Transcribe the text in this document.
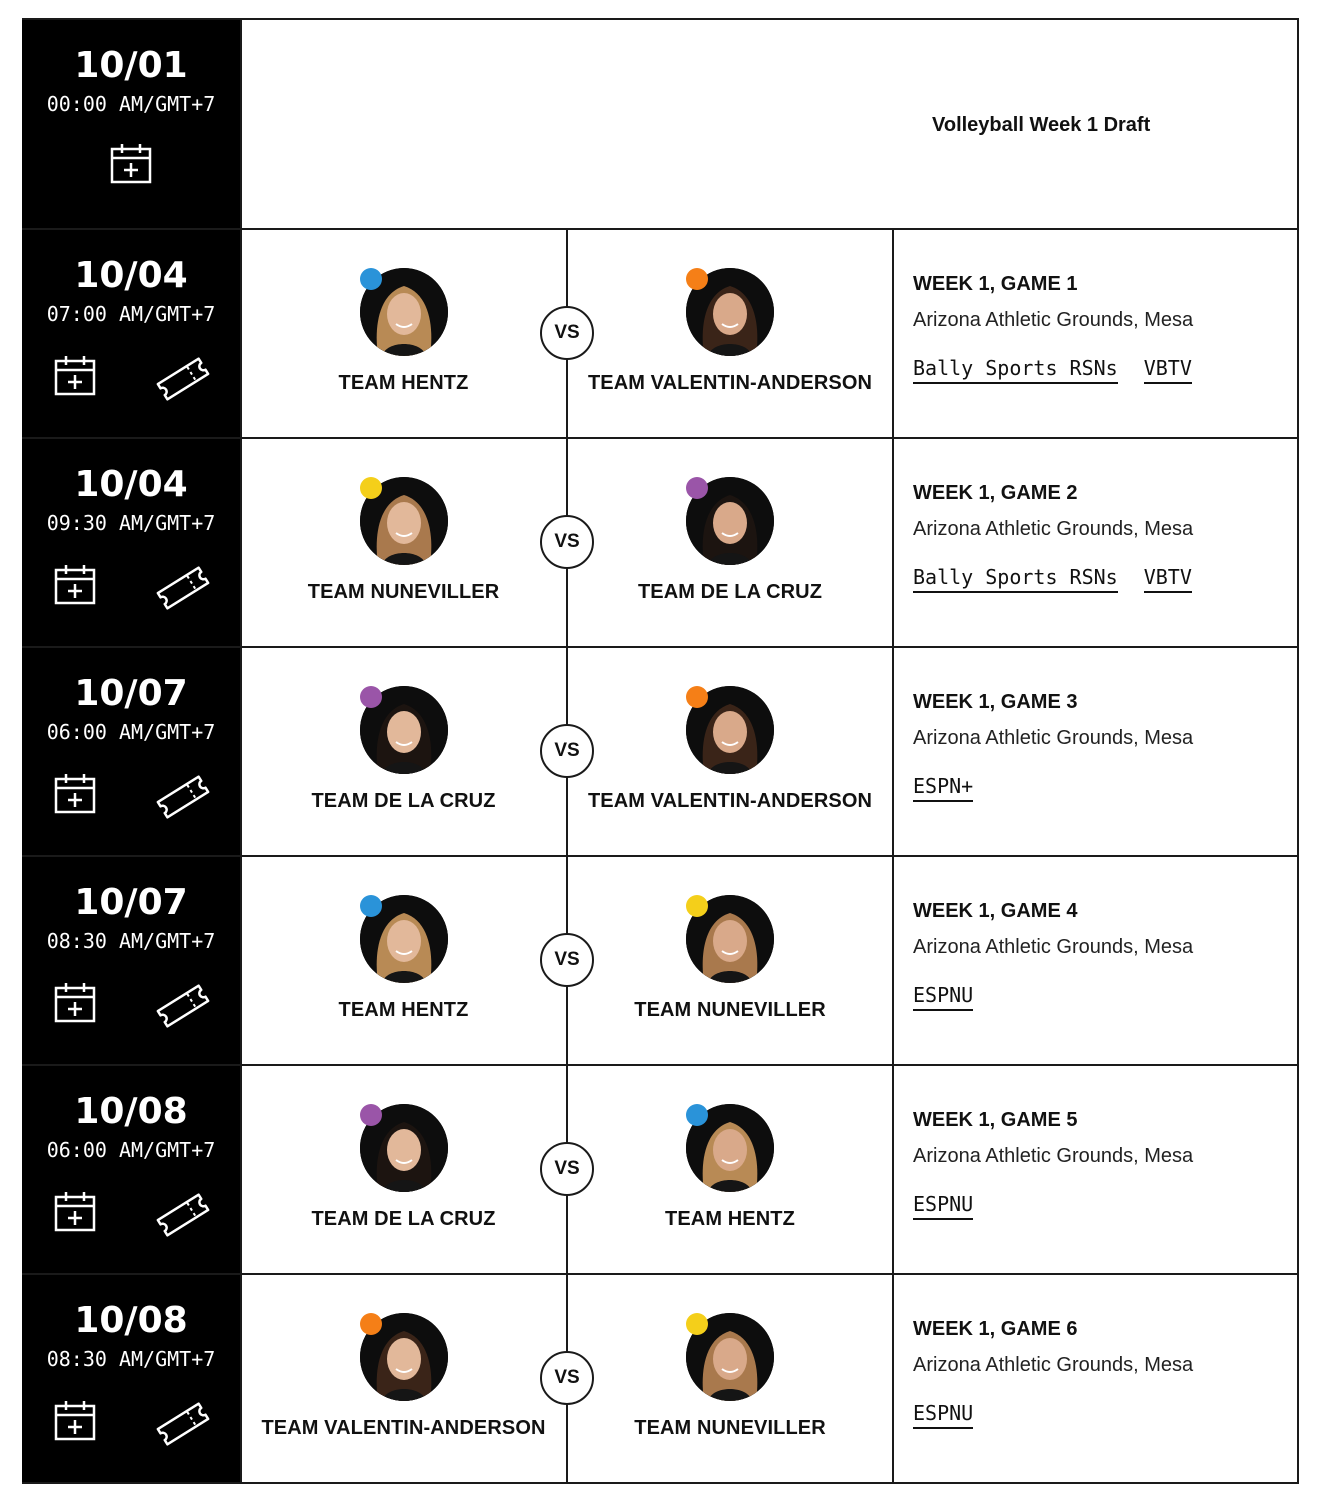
10/01
00:00 AM/GMT+7
Volleyball Week 1 Draft
10/04
07:00 AM/GMT+7
VS
TEAM HENTZ	TEAM VALENTIN-ANDERSON
WEEK 1, GAME 1
Arizona Athletic Grounds, Mesa
Bally Sports RSNs VBTV
10/04
09:30 AM/GMT+7
VS
TEAM NUNEVILLER	TEAM DE LA CRUZ
WEEK 1, GAME 2
Arizona Athletic Grounds, Mesa
Bally Sports RSNs VBTV
10/07
06:00 AM/GMT+7
VS
TEAM DE LA CRUZ	TEAM VALENTIN-ANDERSON
WEEK 1, GAME 3
Arizona Athletic Grounds, Mesa
ESPN+
10/07
08:30 AM/GMT+7
VS
TEAM HENTZ	TEAM NUNEVILLER
WEEK 1, GAME 4
Arizona Athletic Grounds, Mesa
ESPNU
10/08
06:00 AM/GMT+7
VS
TEAM DE LA CRUZ	TEAM HENTZ
WEEK 1, GAME 5
Arizona Athletic Grounds, Mesa
ESPNU
10/08
08:30 AM/GMT+7
VS
TEAM VALENTIN-ANDERSON	TEAM NUNEVILLER
WEEK 1, GAME 6
Arizona Athletic Grounds, Mesa
ESPNU
